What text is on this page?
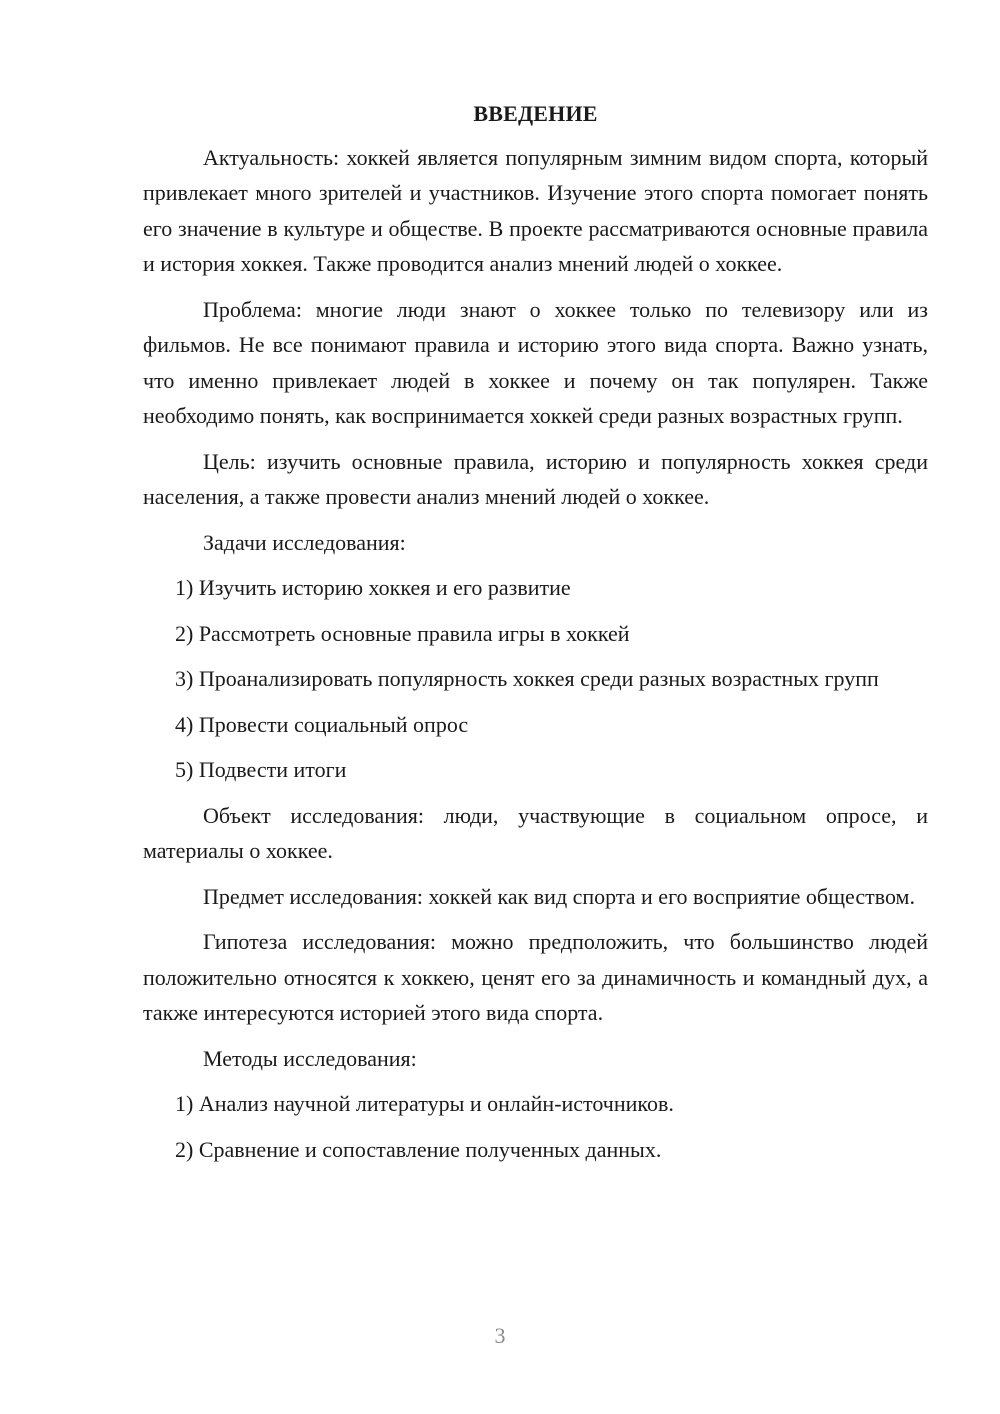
ВВЕДЕНИЕ

Актуальность: хоккей является популярным зимним видом спорта, который привлекает много зрителей и участников. Изучение этого спорта помогает понять его значение в культуре и обществе. В проекте рассматриваются основные правила и история хоккея. Также проводится анализ мнений людей о хоккее.

Проблема: многие люди знают о хоккее только по телевизору или из фильмов. Не все понимают правила и историю этого вида спорта. Важно узнать, что именно привлекает людей в хоккее и почему он так популярен. Также необходимо понять, как воспринимается хоккей среди разных возрастных групп.

Цель: изучить основные правила, историю и популярность хоккея среди населения, а также провести анализ мнений людей о хоккее.

Задачи исследования:

1) Изучить историю хоккея и его развитие

2) Рассмотреть основные правила игры в хоккей

3) Проанализировать популярность хоккея среди разных возрастных групп

4) Провести социальный опрос

5) Подвести итоги

Объект исследования: люди, участвующие в социальном опросе, и материалы о хоккее.

Предмет исследования: хоккей как вид спорта и его восприятие обществом.

Гипотеза исследования: можно предположить, что большинство людей положительно относятся к хоккею, ценят его за динамичность и командный дух, а также интересуются историей этого вида спорта.

Методы исследования:

1) Анализ научной литературы и онлайн-источников.

2) Сравнение и сопоставление полученных данных.

3
